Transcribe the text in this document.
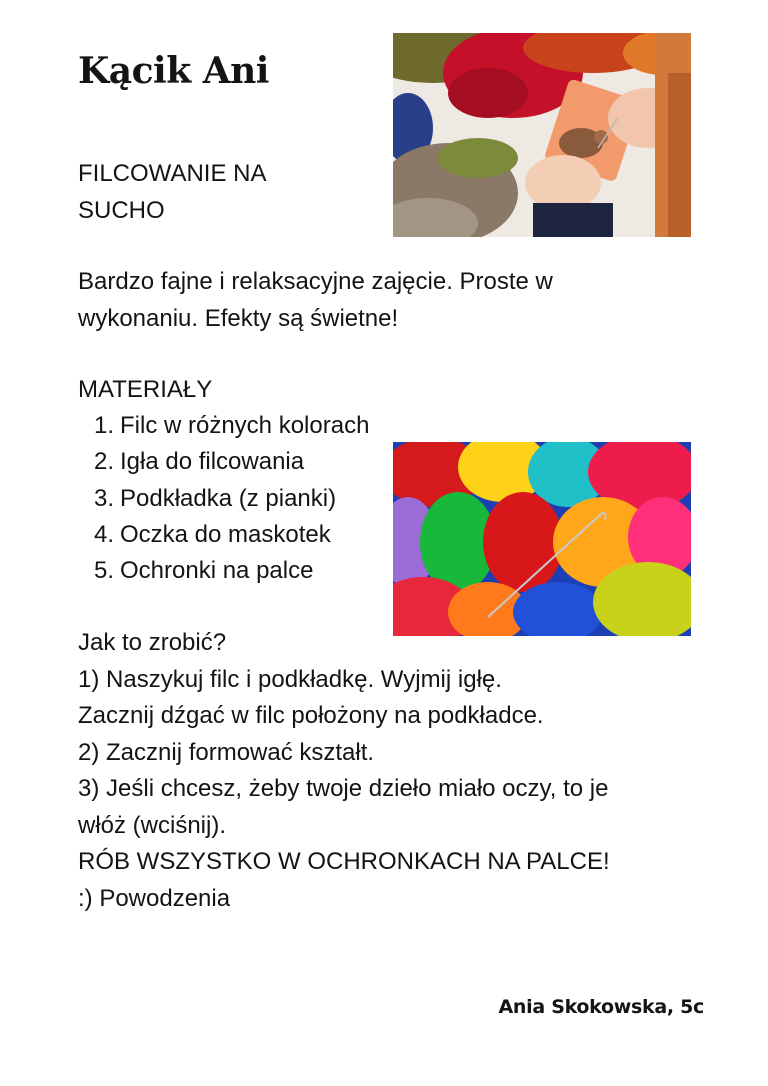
Kącik Ani
FILCOWANIE NA
SUCHO
Bardzo fajne i relaksacyjne zajęcie. Proste w
wykonaniu. Efekty są świetne!
MATERIAŁY
1. Filc w różnych kolorach
2. Igła do filcowania
3. Podkładka (z pianki)
4. Oczka do maskotek
5. Ochronki na palce
Jak to zrobić?
1) Naszykuj filc i podkładkę. Wyjmij igłę.
Zacznij dźgać w filc położony na podkładce.
2) Zacznij formować kształt.
3) Jeśli chcesz, żeby twoje dzieło miało oczy, to je
włóż (wciśnij).
RÓB WSZYSTKO W OCHRONKACH NA PALCE!
:) Powodzenia
Ania Skokowska, 5c
